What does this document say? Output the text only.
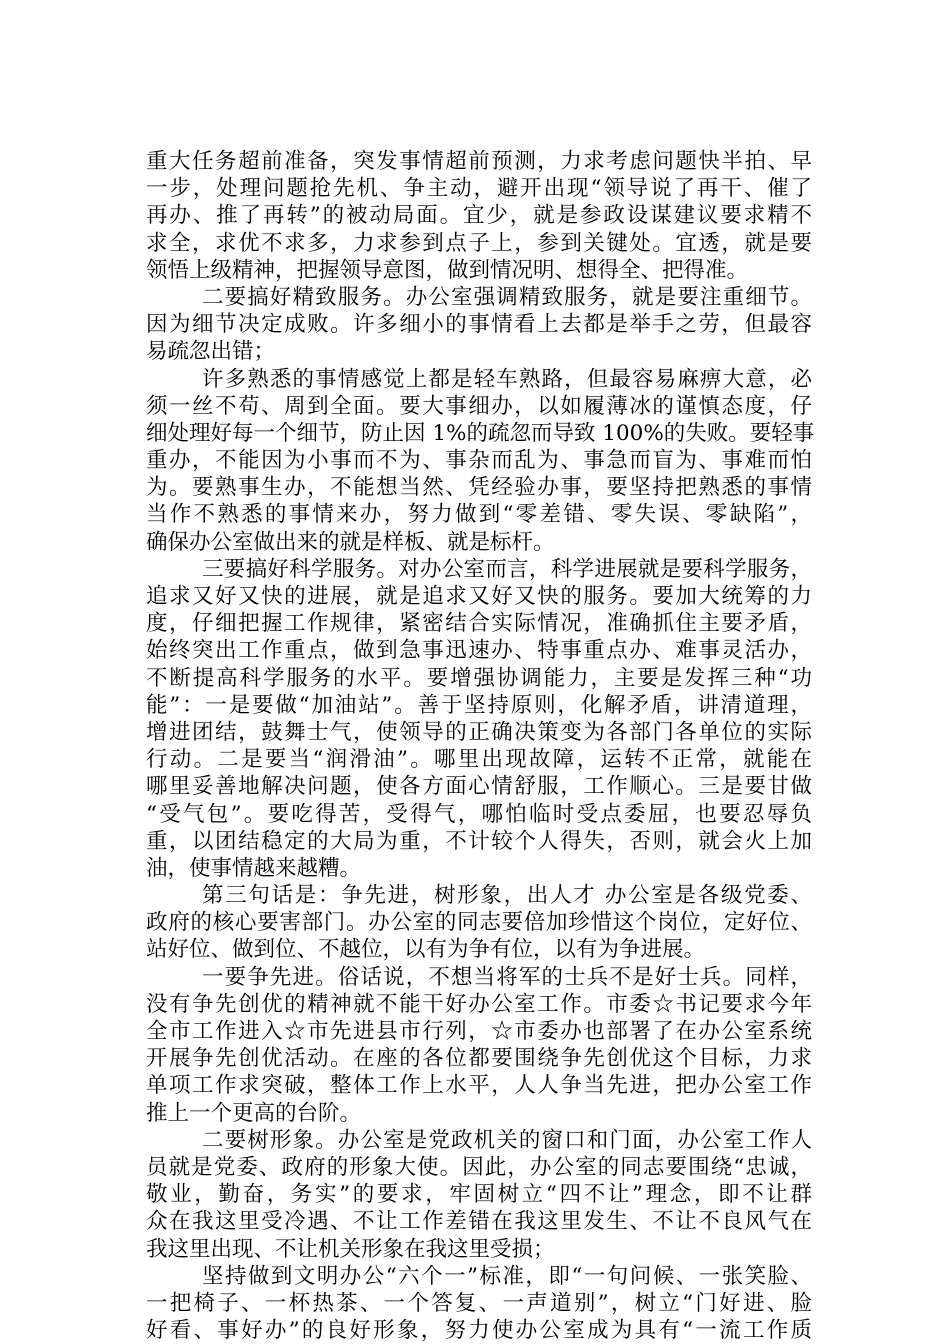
重大任务超前准备，突发事情超前预测，力求考虑问题快半拍、早
一步，处理问题抢先机、争主动，避开出现“领导说了再干、催了
再办、推了再转”的被动局面。宜少，就是参政设谋建议要求精不
求全，求优不求多，力求参到点子上，参到关键处。宜透，就是要
领悟上级精神，把握领导意图，做到情况明、想得全、把得准。
二要搞好精致服务。办公室强调精致服务，就是要注重细节。
因为细节决定成败。许多细小的事情看上去都是举手之劳，但最容
易疏忽出错；
许多熟悉的事情感觉上都是轻车熟路，但最容易麻痹大意，必
须一丝不苟、周到全面。要大事细办，以如履薄冰的谨慎态度，仔
细处理好每一个细节，防止因 1%的疏忽而导致 100%的失败。要轻事
重办，不能因为小事而不为、事杂而乱为、事急而盲为、事难而怕
为。要熟事生办，不能想当然、凭经验办事，要坚持把熟悉的事情
当作不熟悉的事情来办，努力做到“零差错、零失误、零缺陷”，
确保办公室做出来的就是样板、就是标杆。
三要搞好科学服务。对办公室而言，科学进展就是要科学服务，
追求又好又快的进展，就是追求又好又快的服务。要加大统筹的力
度，仔细把握工作规律，紧密结合实际情况，准确抓住主要矛盾，
始终突出工作重点，做到急事迅速办、特事重点办、难事灵活办，
不断提高科学服务的水平。要增强协调能力，主要是发挥三种“功
能”：一是要做“加油站”。善于坚持原则，化解矛盾，讲清道理，
增进团结，鼓舞士气，使领导的正确决策变为各部门各单位的实际
行动。二是要当“润滑油”。哪里出现故障，运转不正常，就能在
哪里妥善地解决问题，使各方面心情舒服，工作顺心。三是要甘做
“受气包”。要吃得苦，受得气，哪怕临时受点委屈，也要忍辱负
重，以团结稳定的大局为重，不计较个人得失，否则，就会火上加
油，使事情越来越糟。
第三句话是：争先进，树形象，出人才 办公室是各级党委、
政府的核心要害部门。办公室的同志要倍加珍惜这个岗位，定好位、
站好位、做到位、不越位，以有为争有位，以有为争进展。
一要争先进。俗话说，不想当将军的士兵不是好士兵。同样，
没有争先创优的精神就不能干好办公室工作。市委☆书记要求今年
全市工作进入☆市先进县市行列，☆市委办也部署了在办公室系统
开展争先创优活动。在座的各位都要围绕争先创优这个目标，力求
单项工作求突破，整体工作上水平，人人争当先进，把办公室工作
推上一个更高的台阶。
二要树形象。办公室是党政机关的窗口和门面，办公室工作人
员就是党委、政府的形象大使。因此，办公室的同志要围绕“忠诚，
敬业，勤奋，务实”的要求，牢固树立“四不让”理念，即不让群
众在我这里受冷遇、不让工作差错在我这里发生、不让不良风气在
我这里出现、不让机关形象在我这里受损；
坚持做到文明办公“六个一”标准，即“一句问候、一张笑脸、
一把椅子、一杯热茶、一个答复、一声道别”，树立“门好进、脸
好看、事好办”的良好形象，努力使办公室成为具有“一流工作质
